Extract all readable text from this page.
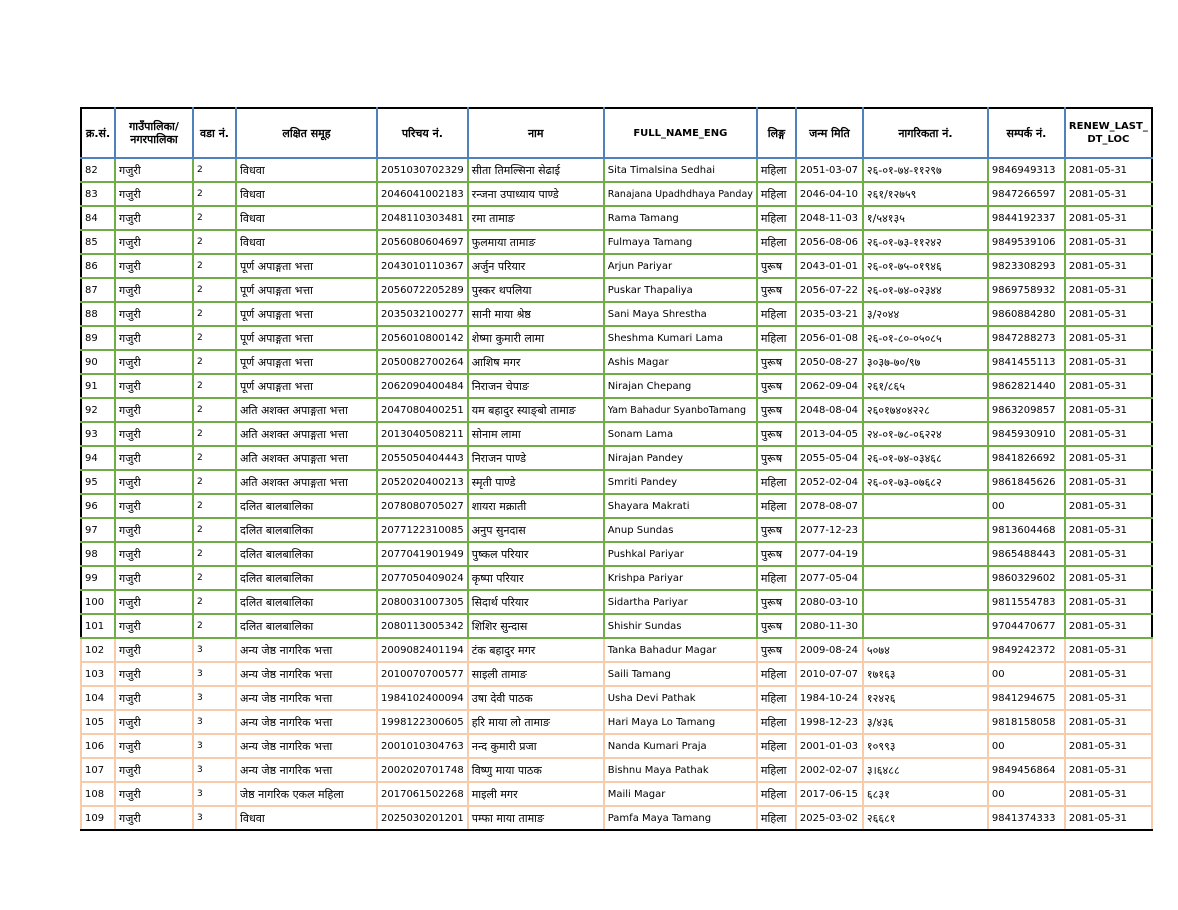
क्र.सं.	गाउँपालिका/ नगरपालिका	वडा नं.	लक्षित समूह	परिचय नं.	नाम	FULL_NAME_ENG	लिङ्ग	जन्म मिति	नागरिकता नं.	सम्पर्क नं.	RENEW_LAST_ DT_LOC
82	गजुरी	2	विधवा	2051030702329	सीता तिमल्सिना सेढाई	Sita Timalsina Sedhai	महिला	2051-03-07	२६-०१-७४-११२९७	9846949313	2081-05-31
83	गजुरी	2	विधवा	2046041002183	रन्जना उपाध्याय पाण्डे	Ranajana Upadhdhaya Panday	महिला	2046-04-10	२६१/१२७५९	9847266597	2081-05-31
84	गजुरी	2	विधवा	2048110303481	रमा तामाङ	Rama Tamang	महिला	2048-11-03	१/५४१३५	9844192337	2081-05-31
85	गजुरी	2	विधवा	2056080604697	फुलमाया तामाङ	Fulmaya Tamang	महिला	2056-08-06	२६-०१-७३-११२४२	9849539106	2081-05-31
86	गजुरी	2	पूर्ण अपाङ्गता भत्ता	2043010110367	अर्जुन परियार	Arjun Pariyar	पुरूष	2043-01-01	२६-०१-७५-०१९४६	9823308293	2081-05-31
87	गजुरी	2	पूर्ण अपाङ्गता भत्ता	2056072205289	पुस्कर थपलिया	Puskar Thapaliya	पुरूष	2056-07-22	२६-०१-७४-०२३४४	9869758932	2081-05-31
88	गजुरी	2	पूर्ण अपाङ्गता भत्ता	2035032100277	सानी माया श्रेष्ठ	Sani Maya Shrestha	महिला	2035-03-21	३/२०४४	9860884280	2081-05-31
89	गजुरी	2	पूर्ण अपाङ्गता भत्ता	2056010800142	शेष्मा कुमारी लामा	Sheshma Kumari Lama	महिला	2056-01-08	२६-०१-८०-०५०८५	9847288273	2081-05-31
90	गजुरी	2	पूर्ण अपाङ्गता भत्ता	2050082700264	आशिष मगर	Ashis Magar	पुरूष	2050-08-27	३०३७-७०/९७	9841455113	2081-05-31
91	गजुरी	2	पूर्ण अपाङ्गता भत्ता	2062090400484	निराजन चेपाङ	Nirajan Chepang	पुरूष	2062-09-04	२६१/८६५	9862821440	2081-05-31
92	गजुरी	2	अति अशक्त अपाङ्गता भत्ता	2047080400251	यम बहादुर स्याङ्बो तामाङ	Yam Bahadur SyanboTamang	पुरूष	2048-08-04	२६०१७४०४२२८	9863209857	2081-05-31
93	गजुरी	2	अति अशक्त अपाङ्गता भत्ता	2013040508211	सोनाम लामा	Sonam Lama	पुरूष	2013-04-05	२४-०१-७८-०६२२४	9845930910	2081-05-31
94	गजुरी	2	अति अशक्त अपाङ्गता भत्ता	2055050404443	निराजन पाण्डे	Nirajan Pandey	पुरूष	2055-05-04	२६-०१-७४-०३४६८	9841826692	2081-05-31
95	गजुरी	2	अति अशक्त अपाङ्गता भत्ता	2052020400213	स्मृती पाण्डे	Smriti Pandey	महिला	2052-02-04	२६-०१-७३-०७६८२	9861845626	2081-05-31
96	गजुरी	2	दलित बालबालिका	2078080705027	शायरा मक्राती	Shayara Makrati	महिला	2078-08-07		00	2081-05-31
97	गजुरी	2	दलित बालबालिका	2077122310085	अनुप सुनदास	Anup Sundas	पुरूष	2077-12-23		9813604468	2081-05-31
98	गजुरी	2	दलित बालबालिका	2077041901949	पुष्कल परियार	Pushkal Pariyar	पुरूष	2077-04-19		9865488443	2081-05-31
99	गजुरी	2	दलित बालबालिका	2077050409024	कृष्पा परियार	Krishpa Pariyar	महिला	2077-05-04		9860329602	2081-05-31
100	गजुरी	2	दलित बालबालिका	2080031007305	सिदार्थ परियार	Sidartha Pariyar	पुरूष	2080-03-10		9811554783	2081-05-31
101	गजुरी	2	दलित बालबालिका	2080113005342	शिशिर सुन्दास	Shishir Sundas	पुरूष	2080-11-30		9704470677	2081-05-31
102	गजुरी	3	अन्य जेष्ठ नागरिक भत्ता	2009082401194	टंक बहादुर मगर	Tanka Bahadur Magar	पुरूष	2009-08-24	५०७४	9849242372	2081-05-31
103	गजुरी	3	अन्य जेष्ठ नागरिक भत्ता	2010070700577	साइली तामाङ	Saili Tamang	महिला	2010-07-07	१७१६३	00	2081-05-31
104	गजुरी	3	अन्य जेष्ठ नागरिक भत्ता	1984102400094	उषा देवी पाठक	Usha Devi Pathak	महिला	1984-10-24	१२४२६	9841294675	2081-05-31
105	गजुरी	3	अन्य जेष्ठ नागरिक भत्ता	1998122300605	हरि माया लो तामाङ	Hari Maya Lo Tamang	महिला	1998-12-23	३/४३६	9818158058	2081-05-31
106	गजुरी	3	अन्य जेष्ठ नागरिक भत्ता	2001010304763	नन्द कुमारी प्रजा	Nanda Kumari Praja	महिला	2001-01-03	१०९९३	00	2081-05-31
107	गजुरी	3	अन्य जेष्ठ नागरिक भत्ता	2002020701748	विष्णु माया पाठक	Bishnu Maya Pathak	महिला	2002-02-07	३।६४८८	9849456864	2081-05-31
108	गजुरी	3	जेष्ठ नागरिक एकल महिला	2017061502268	माइली मगर	Maili Magar	महिला	2017-06-15	६८३१	00	2081-05-31
109	गजुरी	3	विधवा	2025030201201	पम्फा माया तामाङ	Pamfa Maya Tamang	महिला	2025-03-02	२६६८१	9841374333	2081-05-31
